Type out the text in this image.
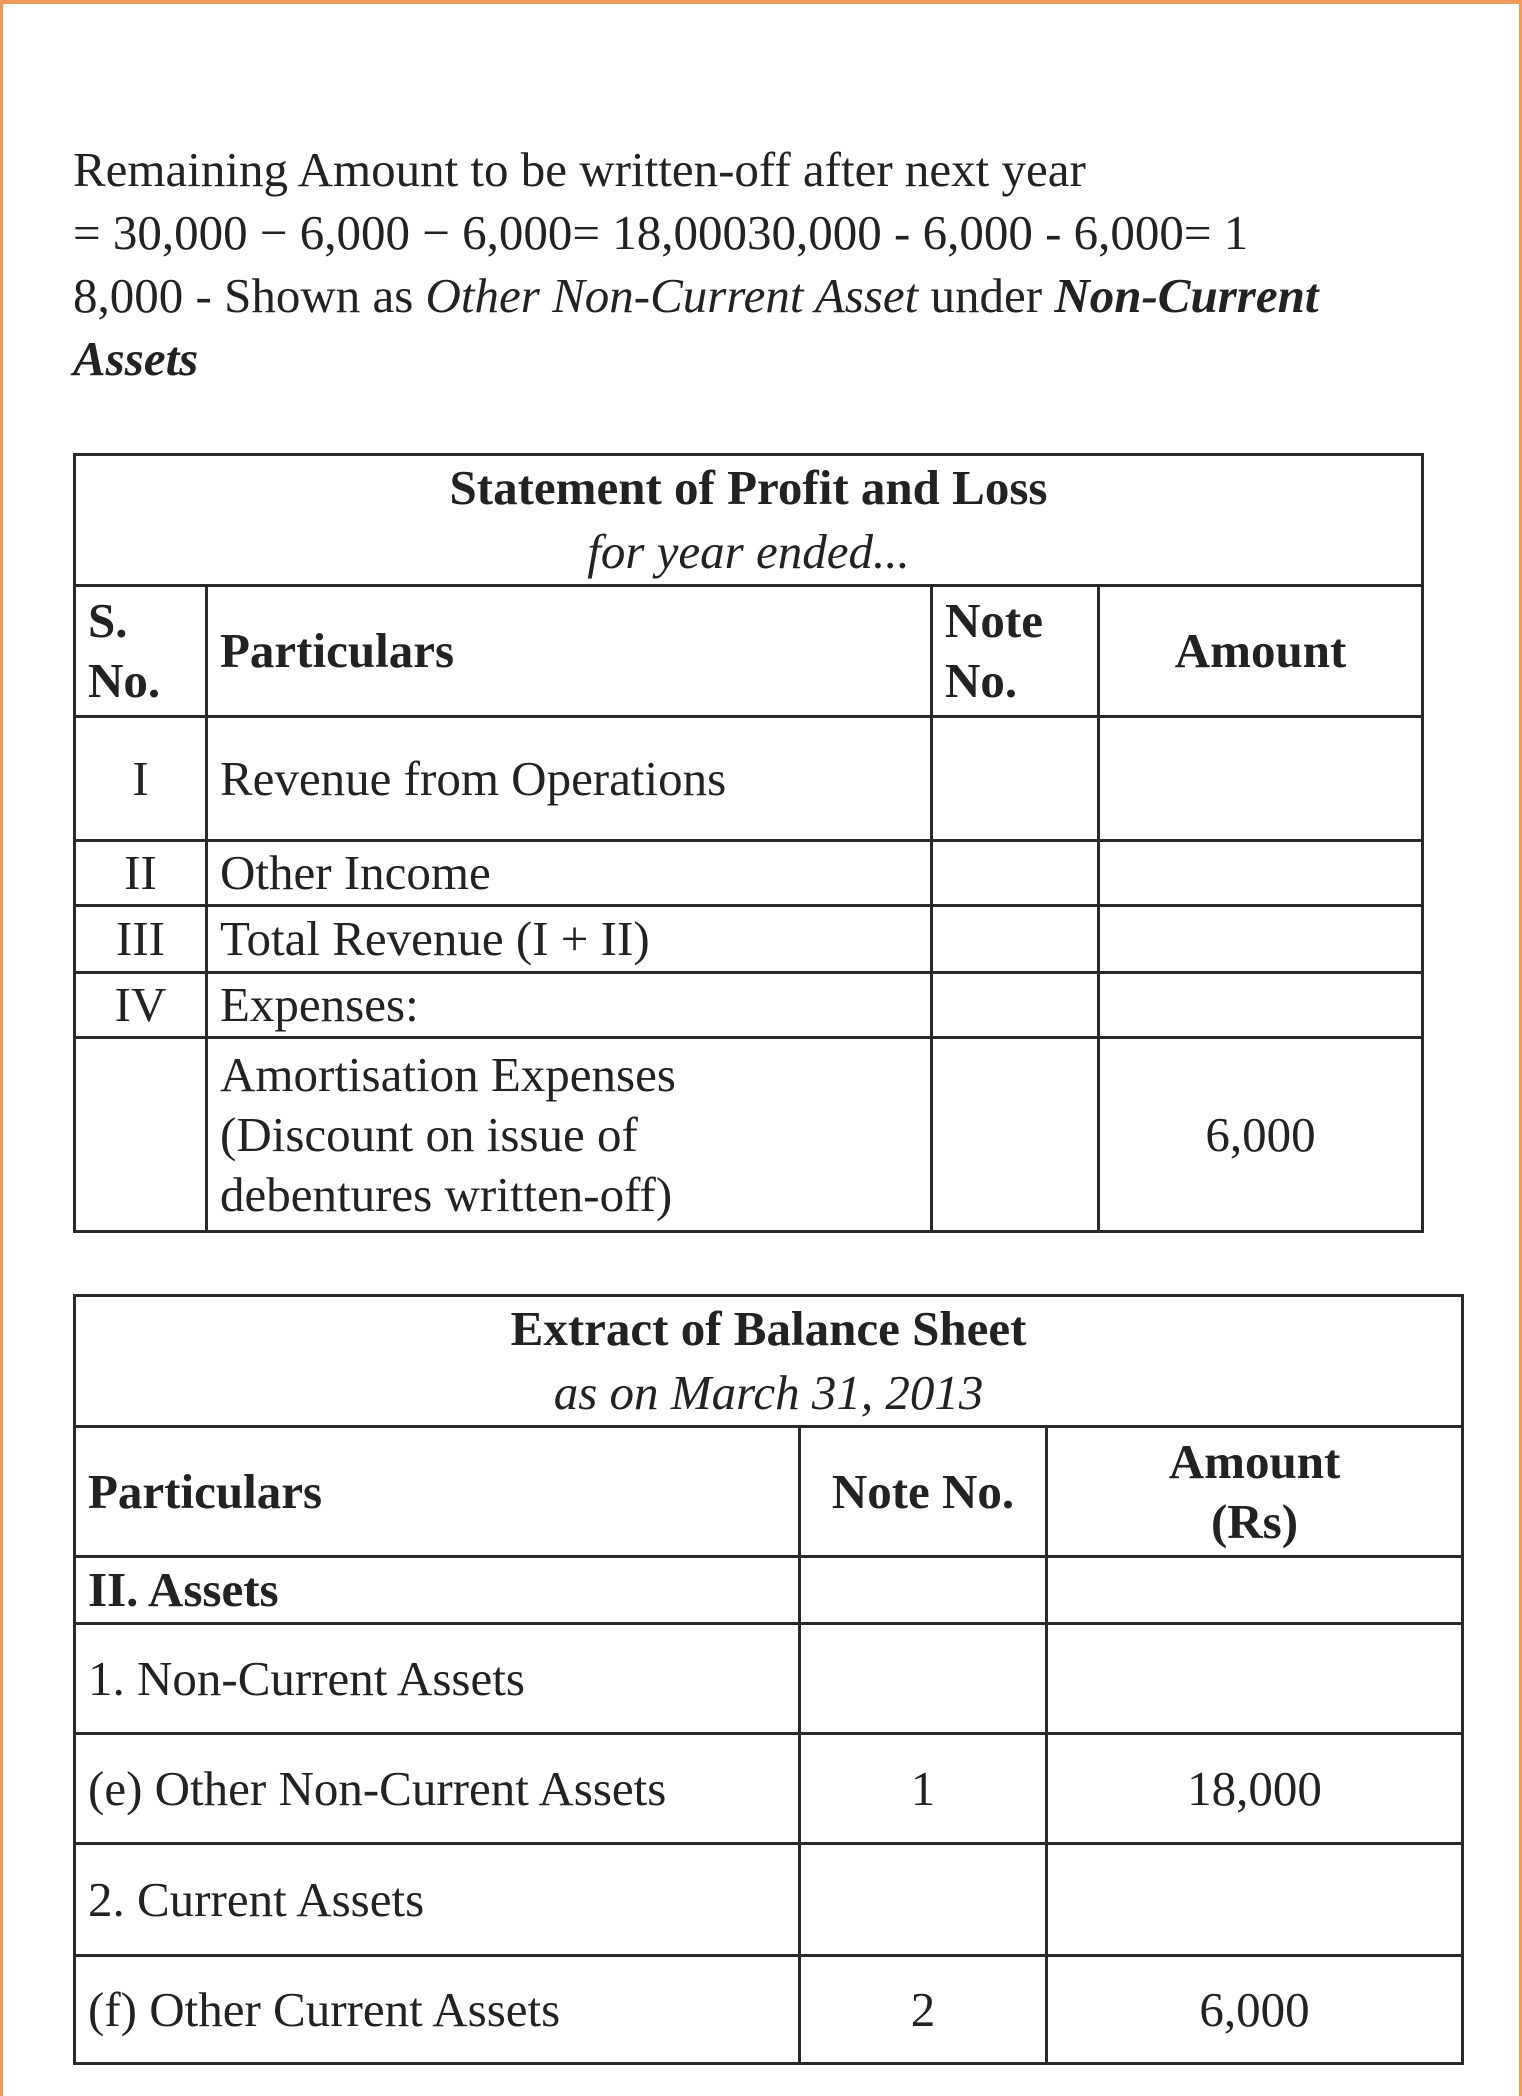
Remaining Amount to be written-off after next year
= 30,000 − 6,000 − 6,000= 18,00030,000 - 6,000 - 6,000= 1
8,000 - Shown as Other Non-Current Asset under Non-Current Assets
Statement of Profit and Loss
for year ended...			

S. No.	Particulars	Note No.	Amount
I	Revenue from Operations		
II	Other Income		
III	Total Revenue (I + II)		
IV	Expenses:		
	Amortisation Expenses (Discount on issue of debentures written-off)		6,000
Extract of Balance Sheet
as on March 31, 2013		

Particulars	Note No.	Amount (Rs)
II. Assets		
1. Non-Current Assets		
(e) Other Non-Current Assets	1	18,000
2. Current Assets		
(f) Other Current Assets	2	6,000
